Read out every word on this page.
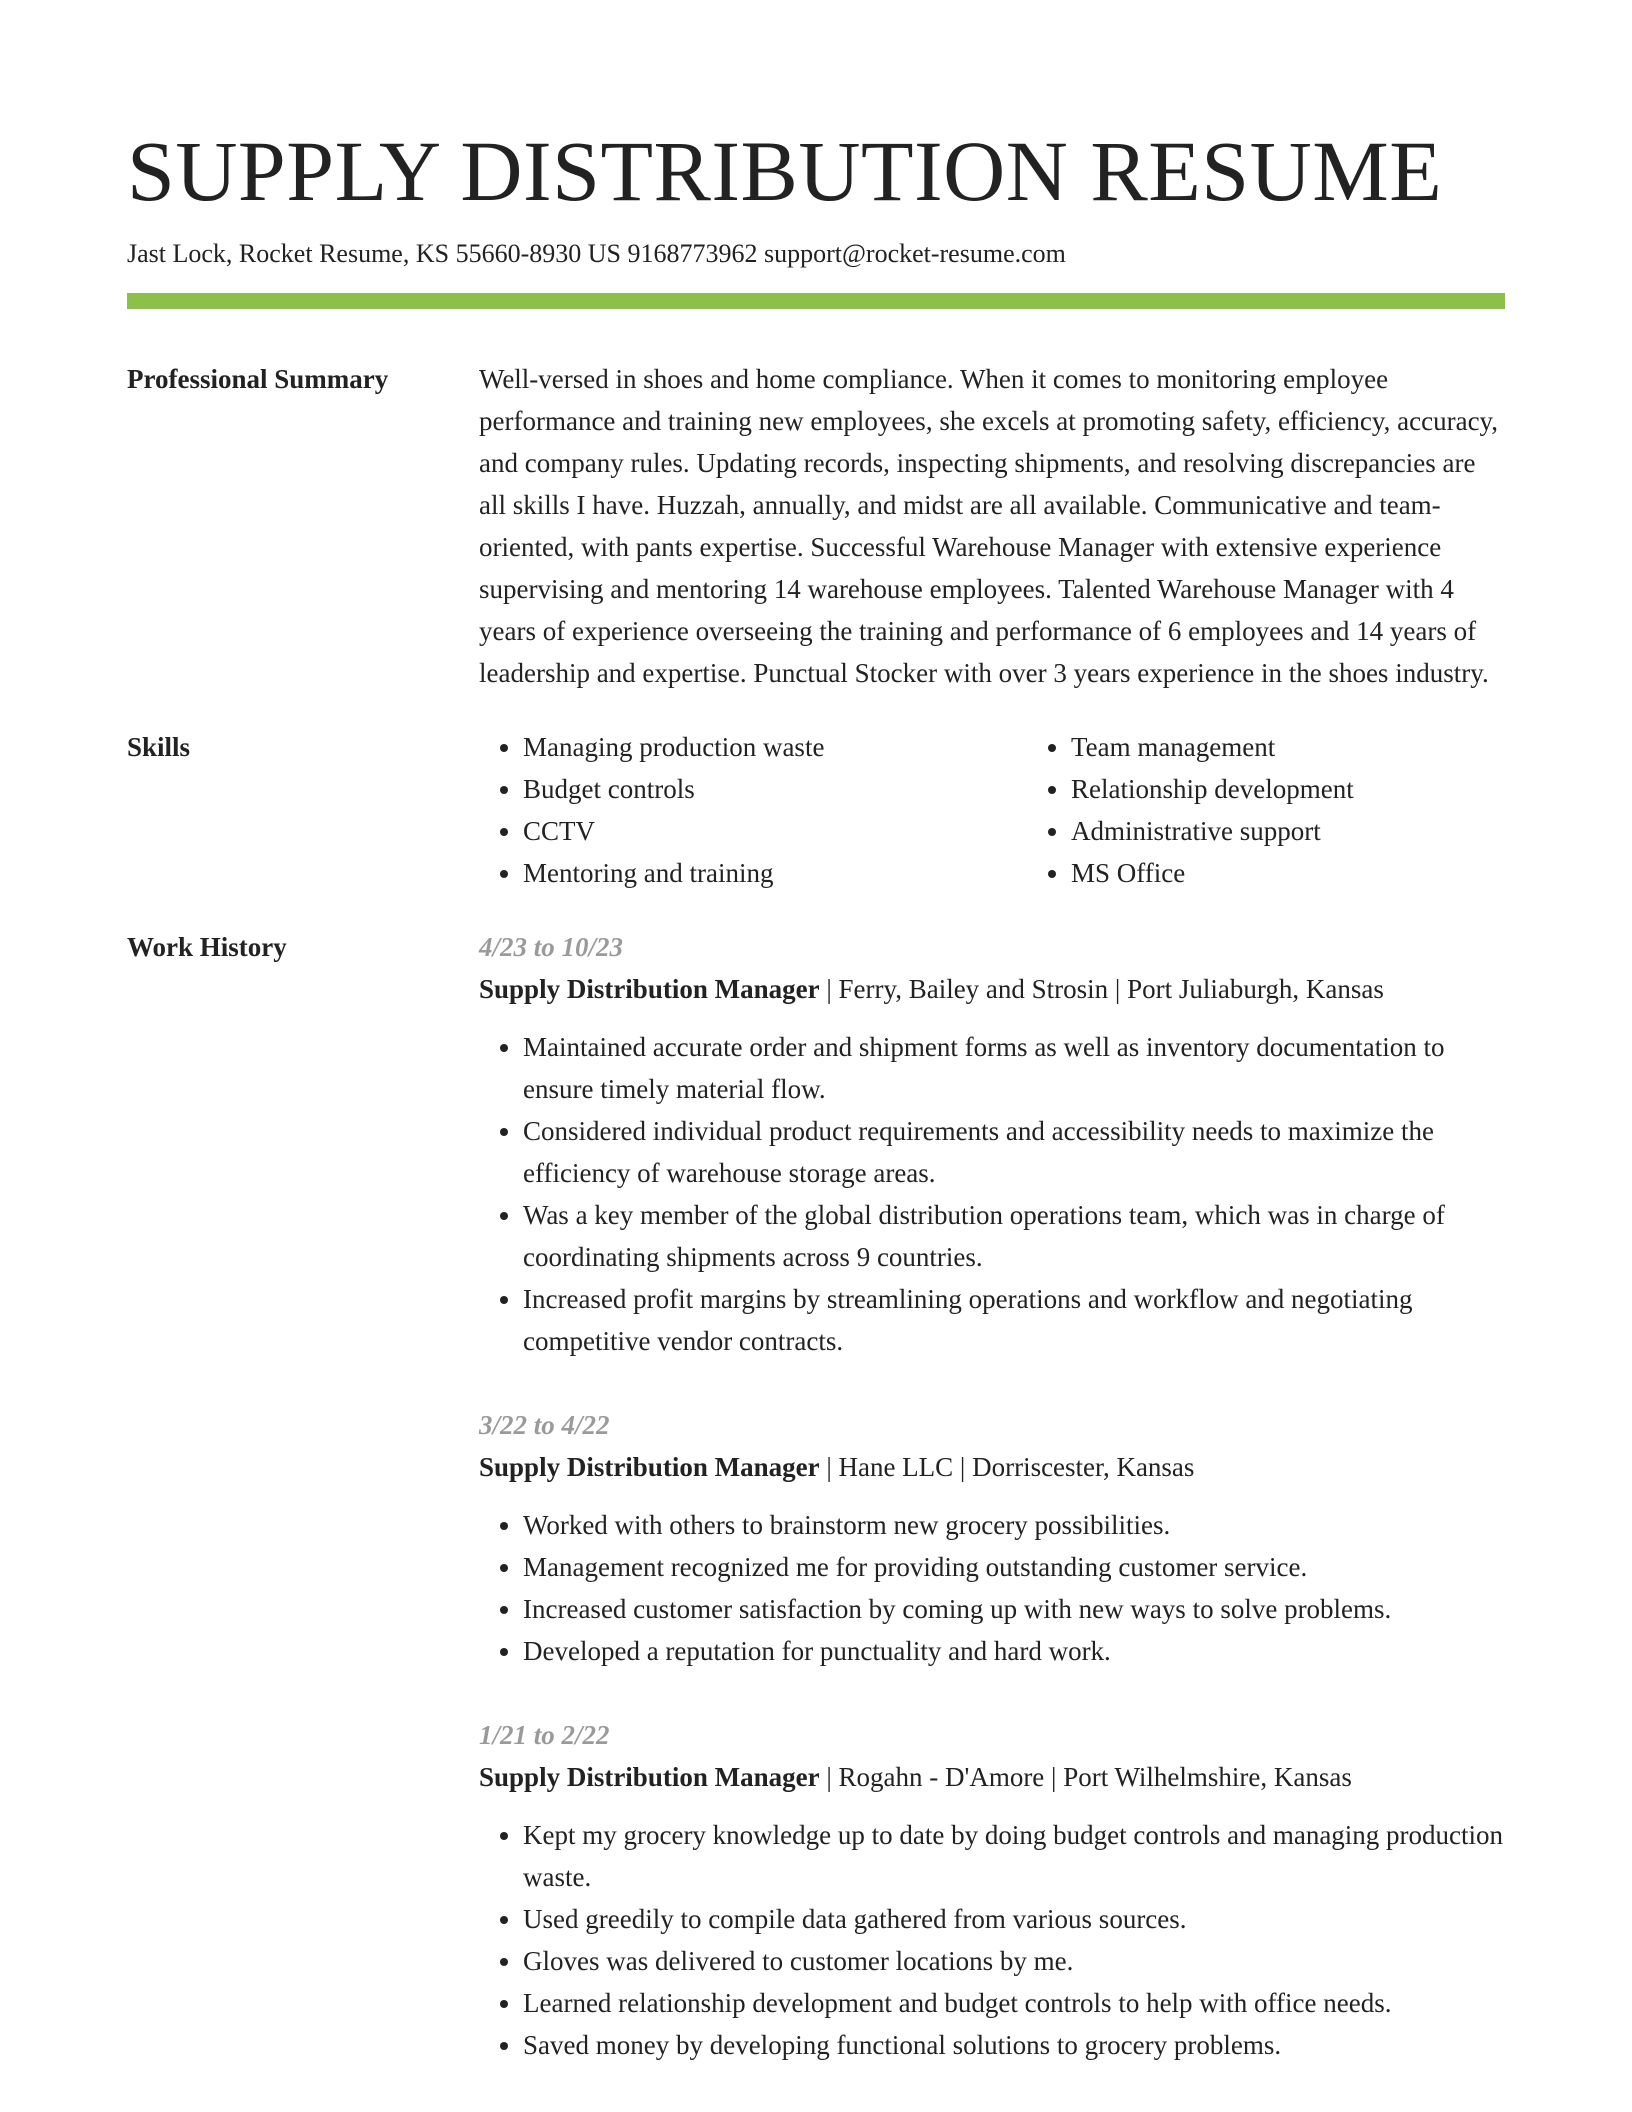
SUPPLY DISTRIBUTION RESUME
Jast Lock, Rocket Resume, KS 55660-8930 US 9168773962 support@rocket-resume.com
Professional Summary	Well-versed in shoes and home compliance. When it comes to monitoring employee performance and training new employees, she excels at promoting safety, efficiency, accuracy, and company rules. Updating records, inspecting shipments, and resolving discrepancies are all skills I have. Huzzah, annually, and midst are all available. Communicative and team-oriented, with pants expertise. Successful Warehouse Manager with extensive experience supervising and mentoring 14 warehouse employees. Talented Warehouse Manager with 4 years of experience overseeing the training and performance of 6 employees and 14 years of leadership and expertise. Punctual Stocker with over 3 years experience in the shoes industry.

Skills
•	Managing production waste
• Budget controls
• CCTV
• Mentoring and training
• Team management
• Relationship development
• Administrative support
• MS Office
Work History	4/23 to 10/23
Supply Distribution Manager | Ferry, Bailey and Strosin | Port Juliaburgh, Kansas
• Maintained accurate order and shipment forms as well as inventory documentation to ensure timely material flow.
• Considered individual product requirements and accessibility needs to maximize the efficiency of warehouse storage areas.
• Was a key member of the global distribution operations team, which was in charge of coordinating shipments across 9 countries.
• Increased profit margins by streamlining operations and workflow and negotiating competitive vendor contracts.
3/22 to 4/22
Supply Distribution Manager | Hane LLC | Dorriscester, Kansas
• Worked with others to brainstorm new grocery possibilities.
• Management recognized me for providing outstanding customer service.
• Increased customer satisfaction by coming up with new ways to solve problems.
• Developed a reputation for punctuality and hard work.
1/21 to 2/22
Supply Distribution Manager | Rogahn - D'Amore | Port Wilhelmshire, Kansas
• Kept my grocery knowledge up to date by doing budget controls and managing production waste.
• Used greedily to compile data gathered from various sources.
• Gloves was delivered to customer locations by me.
• Learned relationship development and budget controls to help with office needs.
• Saved money by developing functional solutions to grocery problems.
